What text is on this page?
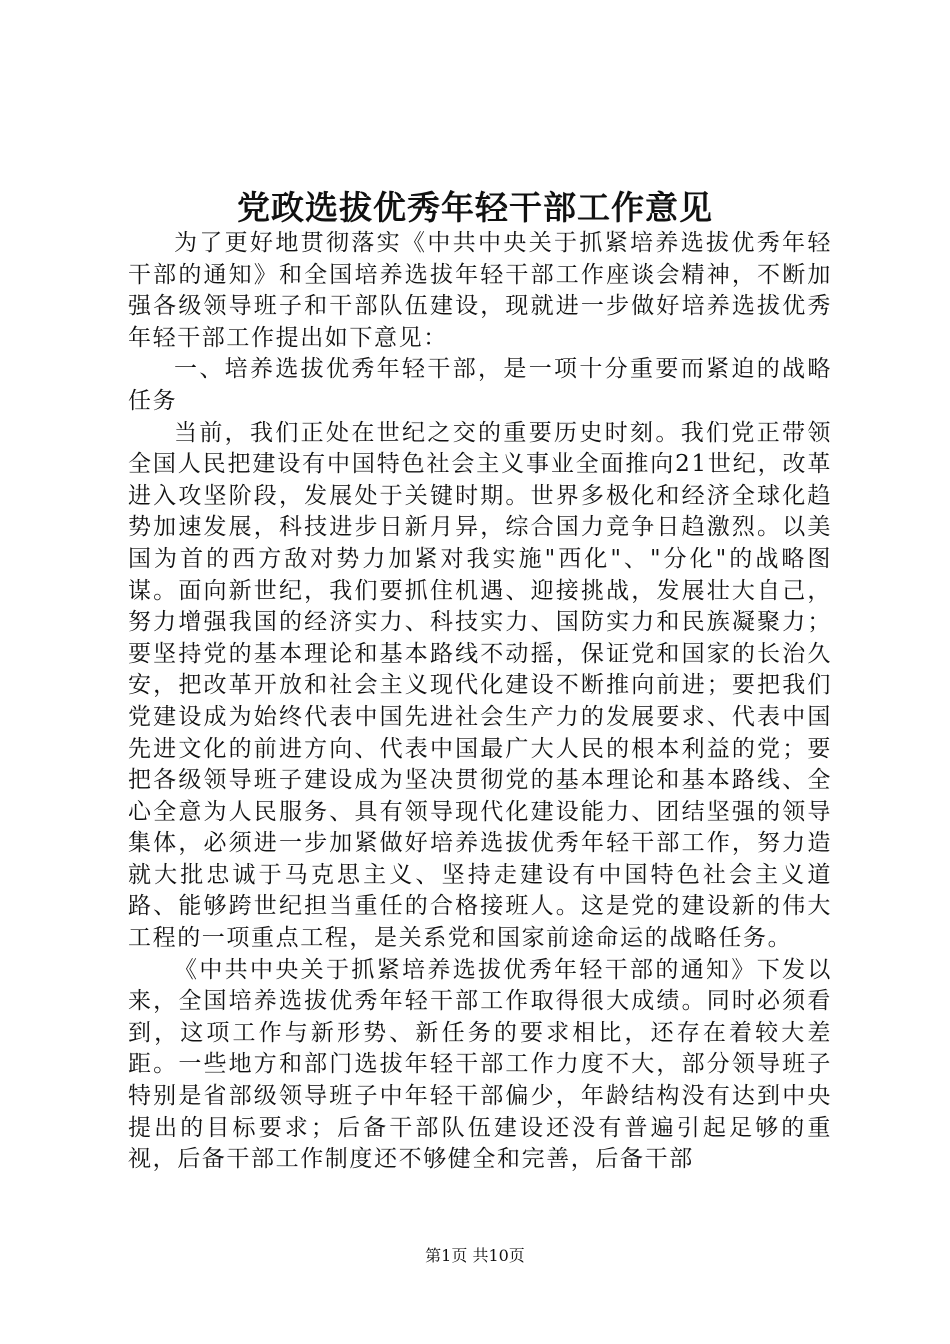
党政选拔优秀年轻干部工作意见

为了更好地贯彻落实《中共中央关于抓紧培养选拔优秀年轻干部的通知》和全国培养选拔年轻干部工作座谈会精神，不断加强各级领导班子和干部队伍建设，现就进一步做好培养选拔优秀年轻干部工作提出如下意见：

一、培养选拔优秀年轻干部，是一项十分重要而紧迫的战略任务

当前，我们正处在世纪之交的重要历史时刻。我们党正带领全国人民把建设有中国特色社会主义事业全面推向21世纪，改革进入攻坚阶段，发展处于关键时期。世界多极化和经济全球化趋势加速发展，科技进步日新月异，综合国力竞争日趋激烈。以美国为首的西方敌对势力加紧对我实施"西化"、"分化"的战略图谋。面向新世纪，我们要抓住机遇、迎接挑战，发展壮大自己，努力增强我国的经济实力、科技实力、国防实力和民族凝聚力；要坚持党的基本理论和基本路线不动摇，保证党和国家的长治久安，把改革开放和社会主义现代化建设不断推向前进；要把我们党建设成为始终代表中国先进社会生产力的发展要求、代表中国先进文化的前进方向、代表中国最广大人民的根本利益的党；要把各级领导班子建设成为坚决贯彻党的基本理论和基本路线、全心全意为人民服务、具有领导现代化建设能力、团结坚强的领导集体，必须进一步加紧做好培养选拔优秀年轻干部工作，努力造就大批忠诚于马克思主义、坚持走建设有中国特色社会主义道路、能够跨世纪担当重任的合格接班人。这是党的建设新的伟大工程的一项重点工程，是关系党和国家前途命运的战略任务。

《中共中央关于抓紧培养选拔优秀年轻干部的通知》下发以来，全国培养选拔优秀年轻干部工作取得很大成绩。同时必须看到，这项工作与新形势、新任务的要求相比，还存在着较大差距。一些地方和部门选拔年轻干部工作力度不大，部分领导班子特别是省部级领导班子中年轻干部偏少，年龄结构没有达到中央提出的目标要求；后备干部队伍建设还没有普遍引起足够的重视，后备干部工作制度还不够健全和完善，后备干部

第1页 共10页
